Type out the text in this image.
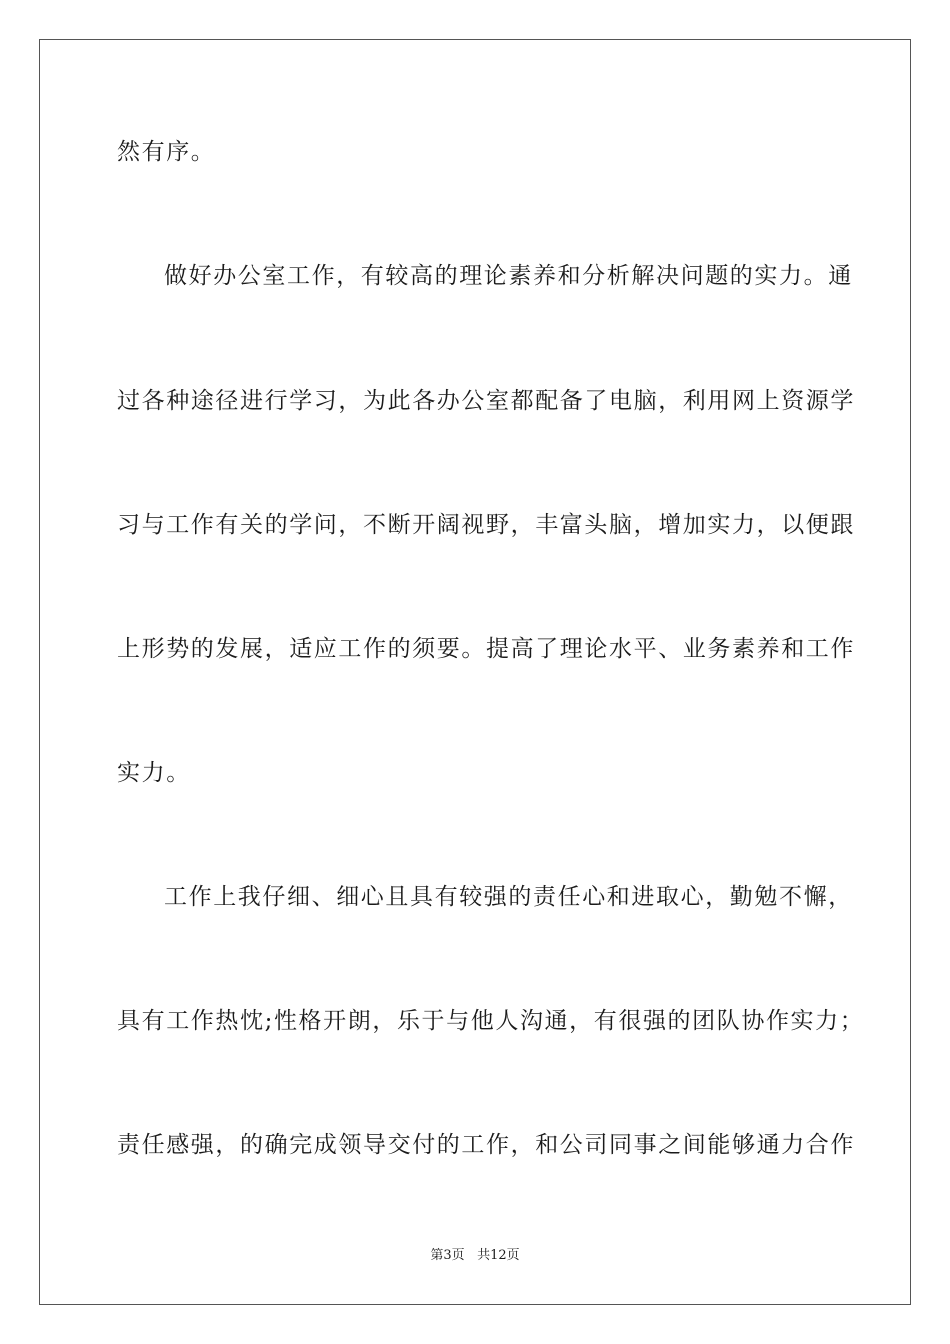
然有序。
做好办公室工作，有较高的理论素养和分析解决问题的实力。通
过各种途径进行学习，为此各办公室都配备了电脑，利用网上资源学
习与工作有关的学问，不断开阔视野，丰富头脑，增加实力，以便跟
上形势的发展，适应工作的须要。提高了理论水平、业务素养和工作
实力。
工作上我仔细、细心且具有较强的责任心和进取心，勤勉不懈，
具有工作热忱;性格开朗，乐于与他人沟通，有很强的团队协作实力；
责任感强，的确完成领导交付的工作，和公司同事之间能够通力合作
第3页 共12页
